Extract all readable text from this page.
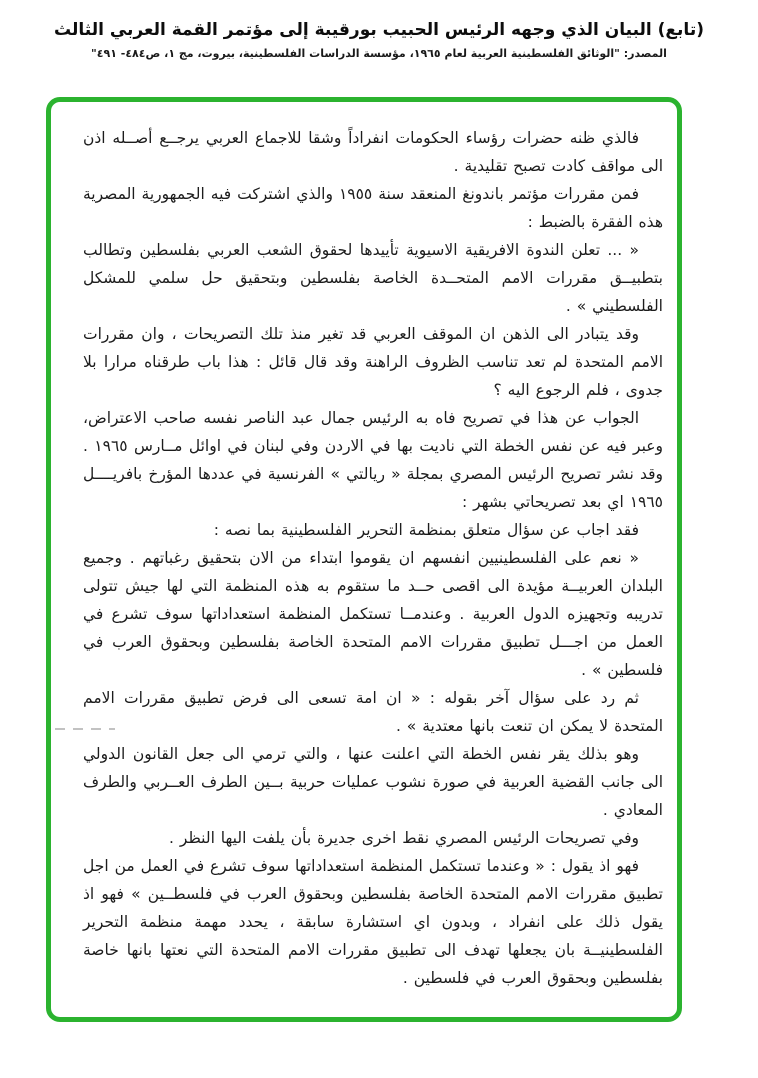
(تابع) البيان الذي وجهه الرئيس الحبيب بورقيبة إلى مؤتمر القمة العربي الثالث

المصدر: "الوثائق الفلسطينية العربية لعام ١٩٦٥، مؤسسة الدراسات الفلسطينية، بيروت، مج ١، ص٤٨٤- ٤٩١"

فالذي ظنه حضرات رؤساء الحكومات انفراداً وشقا للاجماع العربي يرجــع أصــله اذن الى مواقف كادت تصبح تقليدية .

فمن مقررات مؤتمر باندونغ المنعقد سنة ١٩٥٥ والذي اشتركت فيه الجمهورية المصرية هذه الفقرة بالضبط :

« ... تعلن الندوة الافريقية الاسيوية تأييدها لحقوق الشعب العربي بفلسطين وتطالب بتطبيــق مقررات الامم المتحــدة الخاصة بفلسطين وبتحقيق حل سلمي للمشكل الفلسطيني » .

وقد يتبادر الى الذهن ان الموقف العربي قد تغير منذ تلك التصريحات ، وان مقررات الامم المتحدة لم تعد تناسب الظروف الراهنة وقد قال قائل : هذا باب طرقناه مرارا بلا جدوى ، فلم الرجوع اليه ؟

الجواب عن هذا في تصريح فاه به الرئيس جمال عبد الناصر نفسه صاحب الاعتراض، وعبر فيه عن نفس الخطة التي ناديت بها في الاردن وفي لبنان في اوائل مــارس ١٩٦٥ . وقد نشر تصريح الرئيس المصري بمجلة « ريالتي » الفرنسية في عددها المؤرخ بافريــــل ١٩٦٥ اي بعد تصريحاتي بشهر :

فقد اجاب عن سؤال متعلق بمنظمة التحرير الفلسطينية بما نصه :

« نعم على الفلسطينيين انفسهم ان يقوموا ابتداء من الان بتحقيق رغباتهم . وجميع البلدان العربيــة مؤيدة الى اقصى حــد ما ستقوم به هذه المنظمة التي لها جيش تتولى تدريبه وتجهيزه الدول العربية . وعندمــا تستكمل المنظمة استعداداتها سوف تشرع في العمل من اجـــل تطبيق مقررات الامم المتحدة الخاصة بفلسطين وبحقوق العرب في فلسطين » .

ثم رد على سؤال آخر بقوله : « ان امة تسعى الى فرض تطبيق مقررات الامم المتحدة لا يمكن ان تنعت بانها معتدية » .

وهو بذلك يقر نفس الخطة التي اعلنت عنها ، والتي ترمي الى جعل القانون الدولي الى جانب القضية العربية في صورة نشوب عمليات حربية بــين الطرف العــربي والطرف المعادي .

وفي تصريحات الرئيس المصري نقط اخرى جديرة بأن يلفت اليها النظر .

فهو اذ يقول : « وعندما تستكمل المنظمة استعداداتها سوف تشرع في العمل من اجل تطبيق مقررات الامم المتحدة الخاصة بفلسطين وبحقوق العرب في فلسطــين » فهو اذ يقول ذلك على انفراد ، وبدون اي استشارة سابقة ، يحدد مهمة منظمة التحرير الفلسطينيــة بان يجعلها تهدف الى تطبيق مقررات الامم المتحدة التي نعتها بانها خاصة بفلسطين وبحقوق العرب في فلسطين .
